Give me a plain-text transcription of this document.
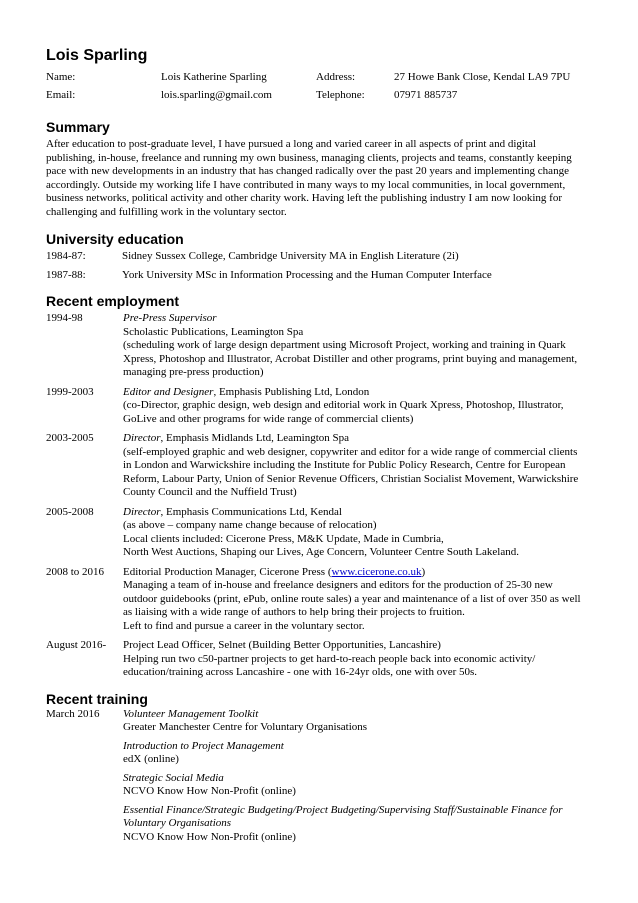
Lois Sparling
Name:	Lois Katherine Sparling	Address:	27 Howe Bank Close, Kendal LA9 7PU
Email:	lois.sparling@gmail.com	Telephone:	07971 885737
Summary

After education to post-graduate level, I have pursued a long and varied career in all aspects of print and digital publishing, in-house, freelance and running my own business, managing clients, projects and teams, constantly keeping pace with new developments in an industry that has changed radically over the past 20 years and implementing change accordingly. Outside my working life I have contributed in many ways to my local communities, in local government, business networks, political activity and other charity work. Having left the publishing industry I am now looking for challenging and fulfilling work in the voluntary sector.

University education
1984-87:	Sidney Sussex College, Cambridge University MA in English Literature (2i)
1987-88:	York University MSc in Information Processing and the Human Computer Interface
Recent employment
1994-98	Pre-Press Supervisor
Scholastic Publications, Leamington Spa
(scheduling work of large design department using Microsoft Project, working and training in Quark Xpress, Photoshop and Illustrator, Acrobat Distiller and other programs, print buying and management, managing pre-press production)
1999-2003	Editor and Designer, Emphasis Publishing Ltd, London
(co-Director, graphic design, web design and editorial work in Quark Xpress, Photoshop, Illustrator, GoLive and other programs for wide range of commercial clients)
2003-2005	Director, Emphasis Midlands Ltd, Leamington Spa
(self-employed graphic and web designer, copywriter and editor for a wide range of commercial clients in London and Warwickshire including the Institute for Public Policy Research, Centre for European Reform, Labour Party, Union of Senior Revenue Officers, Christian Socialist Movement, Warwickshire County Council and the Nuffield Trust)
2005-2008	Director, Emphasis Communications Ltd, Kendal
(as above – company name change because of relocation)
Local clients included: Cicerone Press, M&K Update, Made in Cumbria,
North West Auctions, Shaping our Lives, Age Concern, Volunteer Centre South Lakeland.
2008 to 2016	Editorial Production Manager, Cicerone Press (www.cicerone.co.uk)
Managing a team of in-house and freelance designers and editors for the production of 25-30 new outdoor guidebooks (print, ePub, online route sales) a year and maintenance of a list of over 350 as well as liaising with a wide range of authors to help bring their projects to fruition.
Left to find and pursue a career in the voluntary sector.
August 2016-	Project Lead Officer, Selnet (Building Better Opportunities, Lancashire)
Helping run two c50-partner projects to get hard-to-reach people back into economic activity/ education/training across Lancashire - one with 16-24yr olds, one with over 50s.
Recent training
March 2016	Volunteer Management Toolkit
Greater Manchester Centre for Voluntary Organisations
Introduction to Project Management
edX (online)
Strategic Social Media
NCVO Know How Non-Profit (online)
Essential Finance/Strategic Budgeting/Project Budgeting/Supervising Staff/Sustainable Finance for Voluntary Organisations
NCVO Know How Non-Profit (online)
